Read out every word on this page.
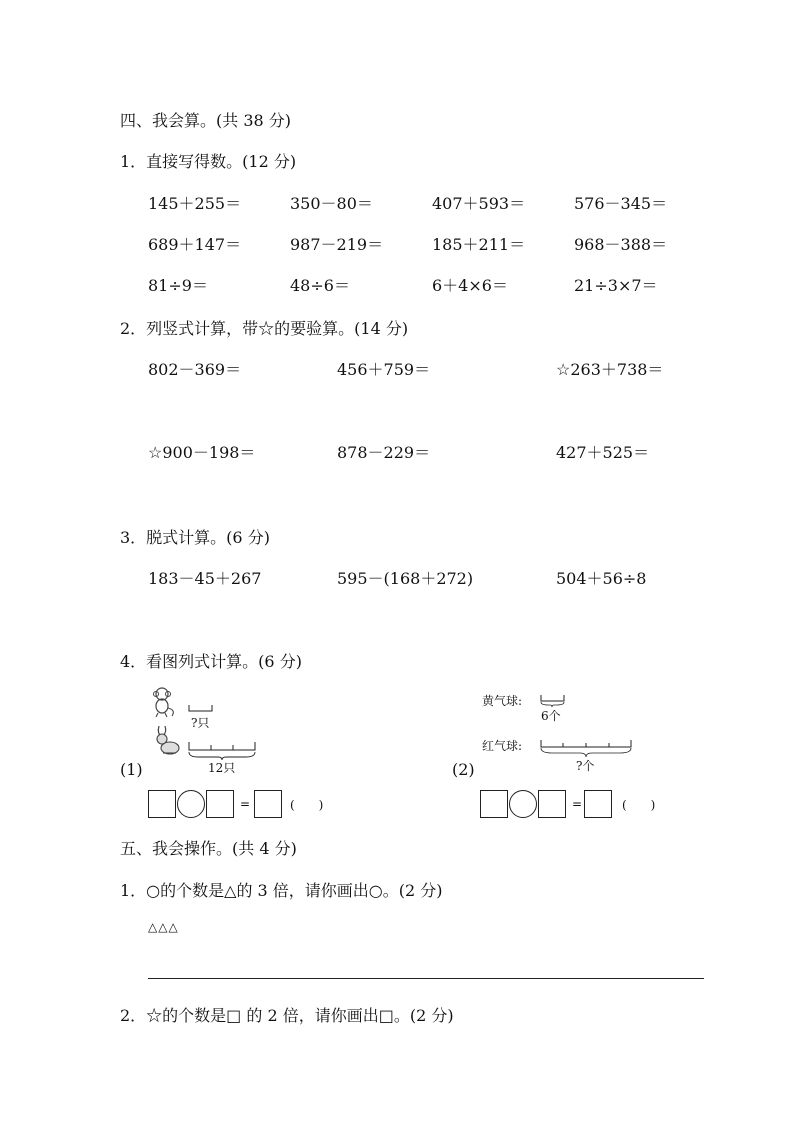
四、我会算。(共 38 分)
1．直接写得数。(12 分)
145＋255＝	350－80＝	407＋593＝	576－345＝
689＋147＝	987－219＝	185＋211＝	968－388＝
81÷9＝	48÷6＝	6＋4×6＝	21÷3×7＝
2．列竖式计算，带☆的要验算。(14 分)
802－369＝	456＋759＝	☆263＋738＝
☆900－198＝	878－229＝	427＋525＝
3．脱式计算。(6 分)
183－45＋267	595－(168＋272)	504＋56÷8
4．看图列式计算。(6 分)
?只
12只
(1)
=	(　　)
黄气球:
6个
红气球:
?个
(2)
=	(　　)
五、我会操作。(共 4 分)
1．○的个数是△的 3 倍，请你画出○。(2 分)
△△△
2．☆的个数是□ 的 2 倍，请你画出□。(2 分)
